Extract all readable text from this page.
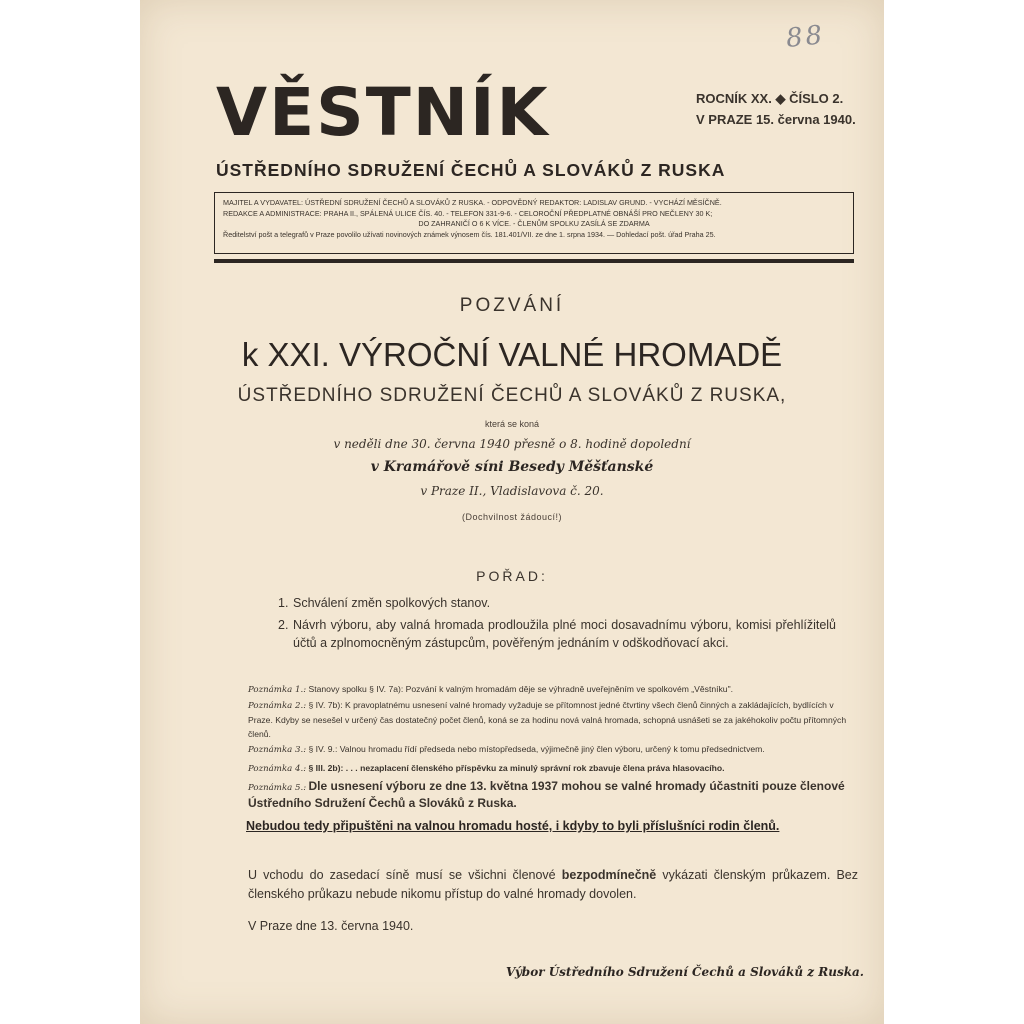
88
VĚSTNÍK	ROCNÍK XX. ◆ ČÍSLO 2.
V PRAZE 15. června 1940.
ÚSTŘEDNÍHO SDRUŽENÍ ČECHŮ A SLOVÁKŮ Z RUSKA
MAJITEL A VYDAVATEL: ÚSTŘEDNÍ SDRUŽENÍ ČECHŮ A SLOVÁKŮ Z RUSKA. - ODPOVĚDNÝ REDAKTOR: LADISLAV GRUND. - VYCHÁZÍ MĚSÍČNĚ.
REDAKCE A ADMINISTRACE: PRAHA II., SPÁLENÁ ULICE ČÍS. 40. - TELEFON 331-9-6. - CELOROČNÍ PŘEDPLATNÉ OBNÁŠÍ PRO NEČLENY 30 K;
DO ZAHRANIČÍ O 6 K VÍCE. - ČLENŮM SPOLKU ZASÍLÁ SE ZDARMA
Ředitelství pošt a telegrafů v Praze povolilo užívati novinových známek výnosem čís. 181.401/VII. ze dne 1. srpna 1934. — Dohledací pošt. úřad Praha 25.
POZVÁNÍ
k XXI. VÝROČNÍ VALNÉ HROMADĚ
ÚSTŘEDNÍHO SDRUŽENÍ ČECHŮ A SLOVÁKŮ Z RUSKA,
která se koná
v neděli dne 30. června 1940 přesně o 8. hodině dopolední
v Kramářově síni Besedy Měšťanské
v Praze II., Vladislavova č. 20.
(Dochvilnost žádoucí!)
POŘAD:
1. Schválení změn spolkových stanov.
2. Návrh výboru, aby valná hromada prodloužila plné moci dosavadnímu výboru, komisi přehlížitelů účtů a zplnomocněným zástupcům, pověřeným jednáním v odškodňovací akci.
Poznámka 1.: Stanovy spolku § IV. 7a): Pozvání k valným hromadám děje se výhradně uveřejněním ve spolkovém „Věstníku".
Poznámka 2.: § IV. 7b): K pravoplatnému usnesení valné hromady vyžaduje se přítomnost jedné čtvrtiny všech členů činných a zakládajících, bydlících v Praze. Kdyby se nesešel v určený čas dostatečný počet členů, koná se za hodinu nová valná hromada, schopná usnášeti se za jakéhokoliv počtu přítomných členů.
Poznámka 3.: § IV. 9.: Valnou hromadu řídí předseda nebo místopředseda, výjimečně jiný člen výboru, určený k tomu předsednictvem.
Poznámka 4.: § III. 2b): . . . nezaplacení členského příspěvku za minulý správní rok zbavuje člena práva hlasovacího.
Poznámka 5.: Dle usnesení výboru ze dne 13. května 1937 mohou se valné hromady účastniti pouze členové Ústředního Sdružení Čechů a Slováků z Ruska.
Nebudou tedy připuštěni na valnou hromadu hosté, i kdyby to byli příslušníci rodin členů.
U vchodu do zasedací síně musí se všichni členové bezpodmínečně vykázati členským průkazem. Bez členského průkazu nebude nikomu přístup do valné hromady dovolen.
V Praze dne 13. června 1940.
Výbor Ústředního Sdružení Čechů a Slováků z Ruska.
